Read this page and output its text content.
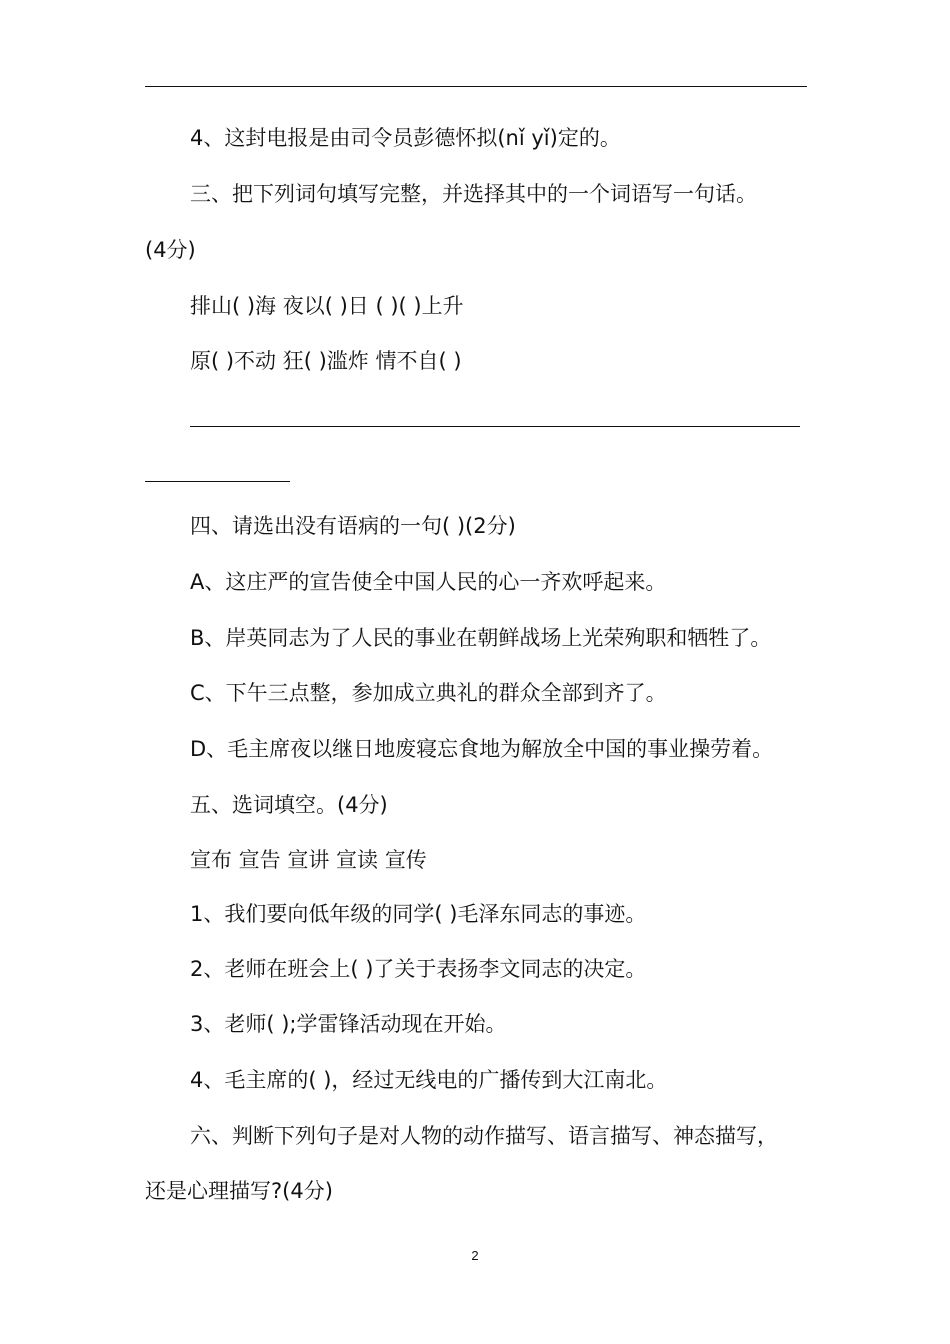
4、这封电报是由司令员彭德怀拟(nǐ yǐ)定的。
三、把下列词句填写完整，并选择其中的一个词语写一句话。
(4分)
排山( )海 夜以( )日 ( )( )上升
原( )不动 狂( )滥炸 情不自( )
四、请选出没有语病的一句( )(2分)
A、这庄严的宣告使全中国人民的心一齐欢呼起来。
B、岸英同志为了人民的事业在朝鲜战场上光荣殉职和牺牲了。
C、下午三点整，参加成立典礼的群众全部到齐了。
D、毛主席夜以继日地废寝忘食地为解放全中国的事业操劳着。
五、选词填空。(4分)
宣布 宣告 宣讲 宣读 宣传
1、我们要向低年级的同学( )毛泽东同志的事迹。
2、老师在班会上( )了关于表扬李文同志的决定。
3、老师( );学雷锋活动现在开始。
4、毛主席的( )，经过无线电的广播传到大江南北。
六、判断下列句子是对人物的动作描写、语言描写、神态描写，
还是心理描写?(4分)
2
